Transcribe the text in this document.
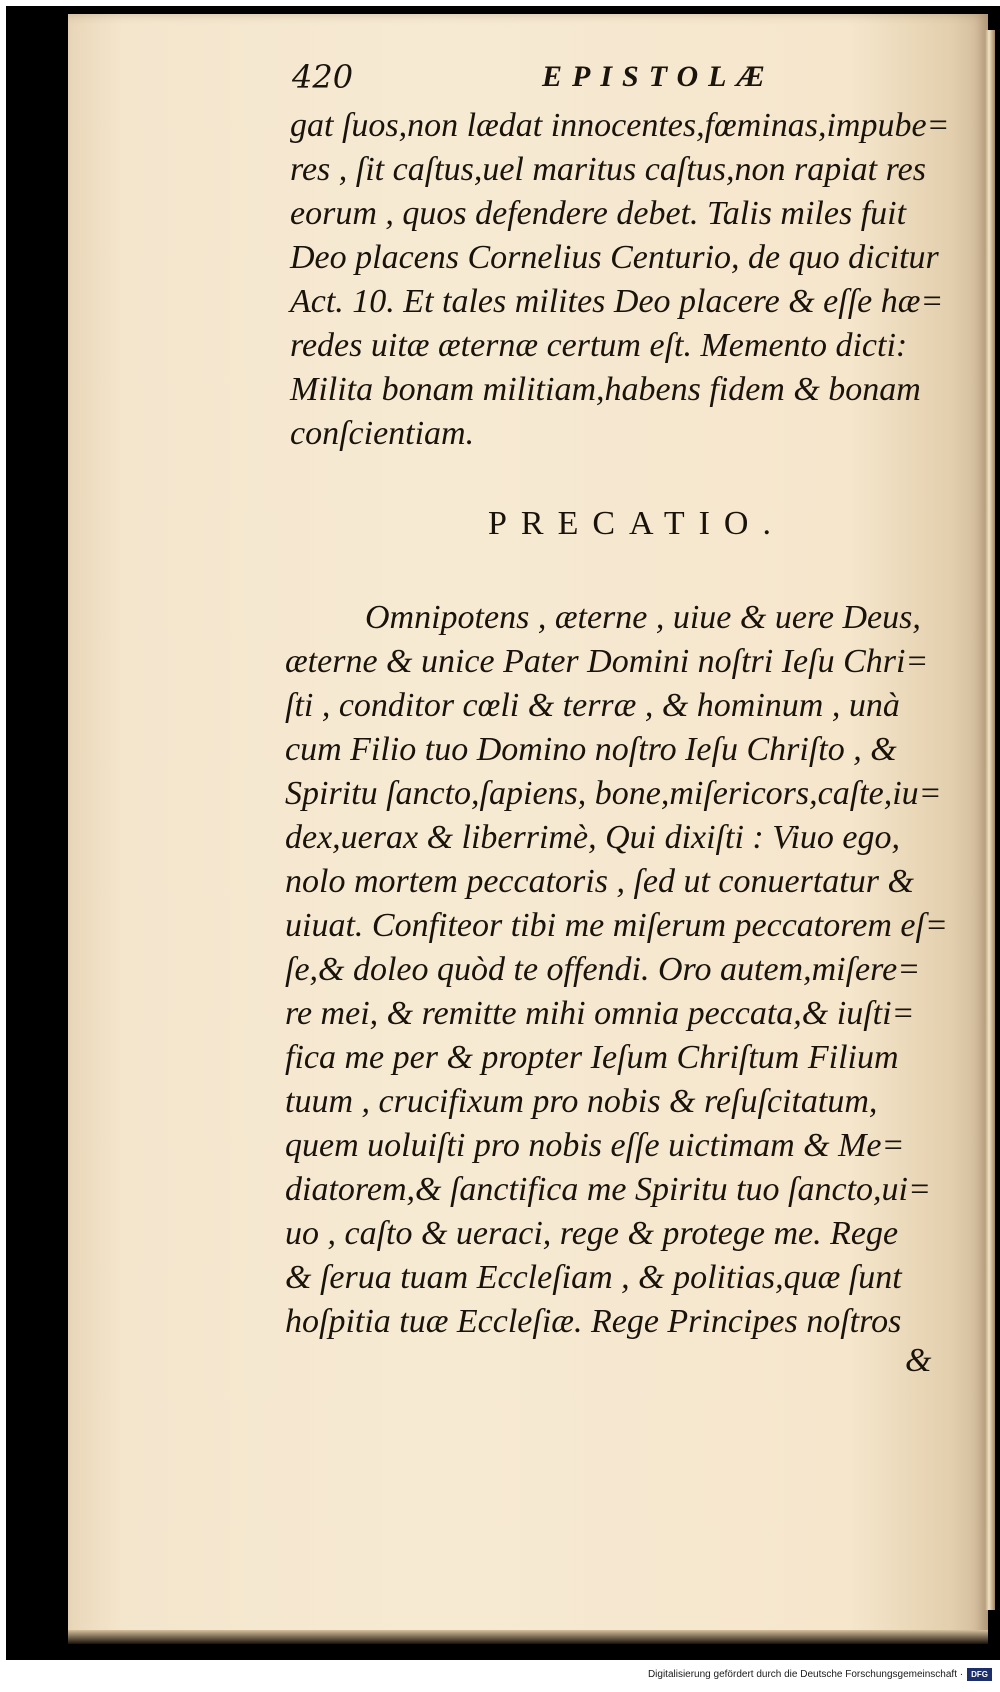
420	EPISTOLÆ
gat ſuos,non lædat innocentes,fœminas,impube=
res , ſit caſtus,uel maritus caſtus,non rapiat res
eorum , quos defendere debet. Talis miles fuit
Deo placens Cornelius Centurio, de quo dicitur
Act. 10. Et tales milites Deo placere & eſſe hæ=
redes uitæ æternæ certum eſt. Memento dicti:
Milita bonam militiam,habens fidem & bonam
conſcientiam.
PRECATIO.
Omnipotens , æterne , uiue & uere Deus,
æterne & unice Pater Domini noſtri Ieſu Chri=
ſti , conditor cœli & terræ , & hominum , unà
cum Filio tuo Domino noſtro Ieſu Chriſto , &
Spiritu ſancto,ſapiens, bone,miſericors,caſte,iu=
dex,uerax & liberrimè, Qui dixiſti : Viuo ego,
nolo mortem peccatoris , ſed ut conuertatur &
uiuat. Confiteor tibi me miſerum peccatorem eſ=
ſe,& doleo quòd te offendi. Oro autem,miſere=
re mei, & remitte mihi omnia peccata,& iuſti=
fica me per & propter Ieſum Chriſtum Filium
tuum , crucifixum pro nobis & reſuſcitatum,
quem uoluiſti pro nobis eſſe uictimam & Me=
diatorem,& ſanctifica me Spiritu tuo ſancto,ui=
uo , caſto & ueraci, rege & protege me. Rege
& ſerua tuam Eccleſiam , & politias,quæ ſunt
hoſpitia tuæ Eccleſiæ. Rege Principes noſtros
&
Digitalisierung gefördert durch die Deutsche Forschungsgemeinschaft ·	DFG
